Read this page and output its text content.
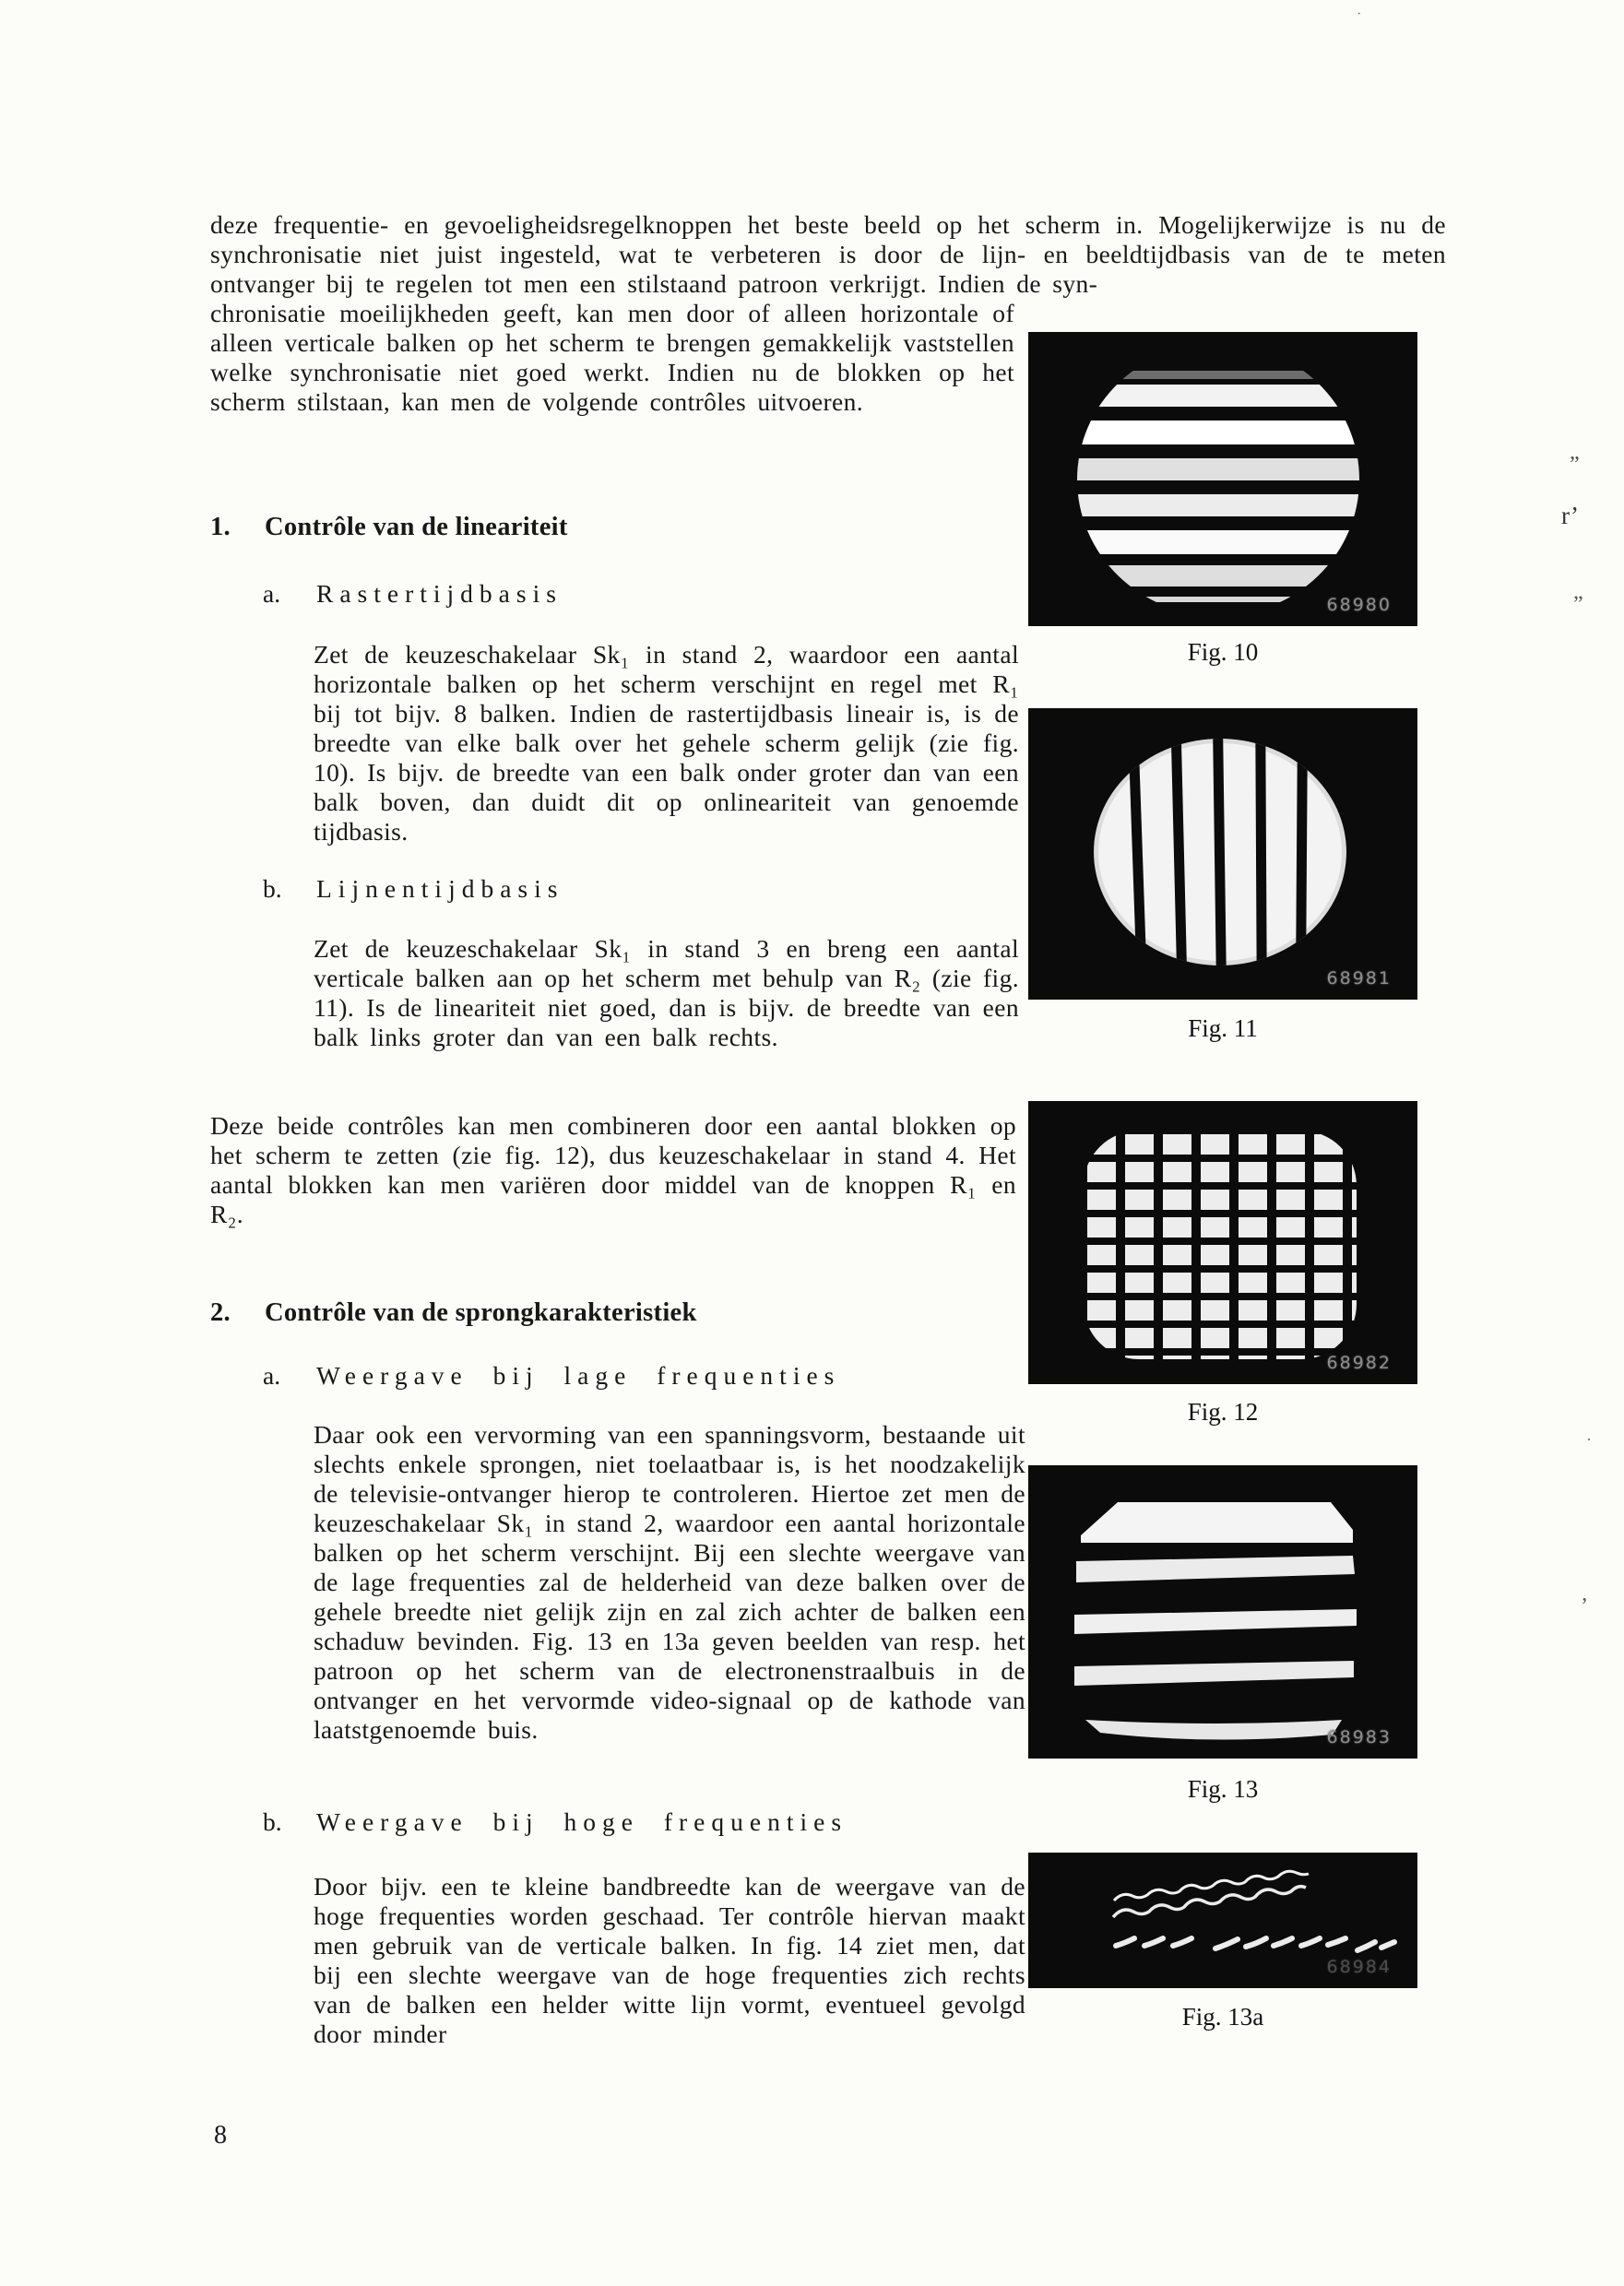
deze frequentie- en gevoeligheidsregelknoppen het beste beeld op het scherm in. Mogelijkerwijze is nu de synchronisatie niet juist ingesteld, wat te verbeteren is door de lijn- en beeldtijdbasis van de te meten ontvanger bij te regelen tot men een stilstaand patroon verkrijgt. Indien de syn-
chronisatie moeilijkheden geeft, kan men door of alleen horizontale of alleen verticale balken op het scherm te brengen gemakkelijk vaststellen welke synchronisatie niet goed werkt. Indien nu de blokken op het scherm stilstaan, kan men de volgende contrôles uitvoeren.
1.	Contrôle van de lineariteit
a.	Rastertijdbasis
Zet de keuzeschakelaar Sk₁ in stand 2, waardoor een aantal horizontale balken op het scherm verschijnt en regel met R₁ bij tot bijv. 8 balken. Indien de rastertijdbasis lineair is, is de breedte van elke balk over het gehele scherm gelijk (zie fig. 10). Is bijv. de breedte van een balk onder groter dan van een balk boven, dan duidt dit op onlineariteit van genoemde tijdbasis.
b.	Lijnentijdbasis
Zet de keuzeschakelaar Sk₁ in stand 3 en breng een aantal verticale balken aan op het scherm met behulp van R₂ (zie fig. 11). Is de lineariteit niet goed, dan is bijv. de breedte van een balk links groter dan van een balk rechts.
Deze beide contrôles kan men combineren door een aantal blokken op het scherm te zetten (zie fig. 12), dus keuzeschakelaar in stand 4. Het aantal blokken kan men variëren door middel van de knoppen R₁ en R₂.
2.	Contrôle van de sprongkarakteristiek
a.	Weergave bij lage frequenties
Daar ook een vervorming van een spanningsvorm, bestaande uit slechts enkele sprongen, niet toelaatbaar is, is het noodzakelijk de televisie-ontvanger hierop te controleren. Hiertoe zet men de keuzeschakelaar Sk₁ in stand 2, waardoor een aantal horizontale balken op het scherm verschijnt. Bij een slechte weergave van de lage frequenties zal de helderheid van deze balken over de gehele breedte niet gelijk zijn en zal zich achter de balken een schaduw bevinden. Fig. 13 en 13a geven beelden van resp. het patroon op het scherm van de electronenstraalbuis in de ontvanger en het vervormde video-signaal op de kathode van laatstgenoemde buis.
b.	Weergave bij hoge frequenties
Door bijv. een te kleine bandbreedte kan de weergave van de hoge frequenties worden geschaad. Ter contrôle hiervan maakt men gebruik van de verticale balken. In fig. 14 ziet men, dat bij een slechte weergave van de hoge frequenties zich rechts van de balken een helder witte lijn vormt, eventueel gevolgd door minder
8
68980
Fig. 10
68981
Fig. 11
68982
Fig. 12
68983
Fig. 13
68984
Fig. 13a
·
”
r’
„
·
’
